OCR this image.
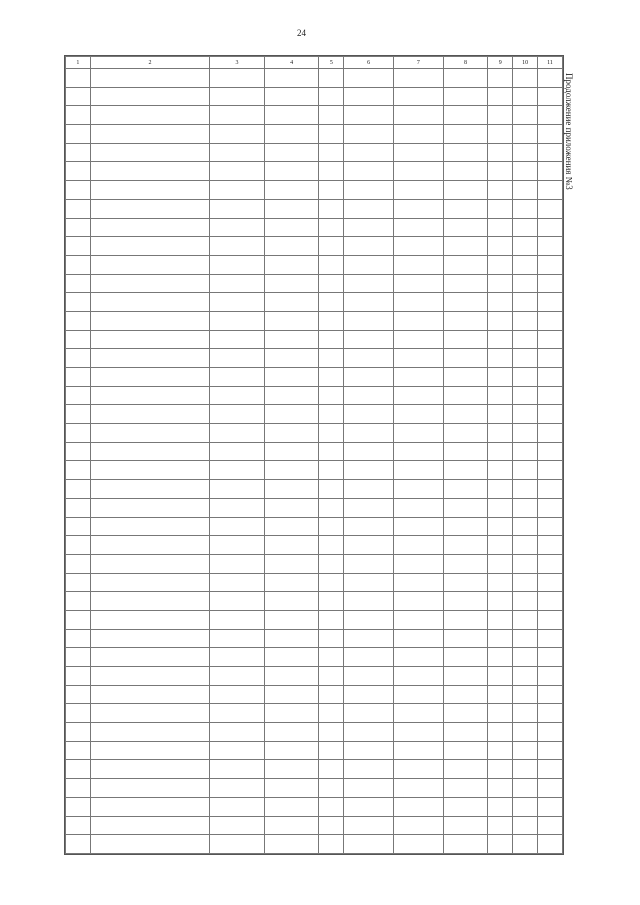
24
Продолжение приложения №3
1	2	3	4	5	6	7	8	9	10	11
